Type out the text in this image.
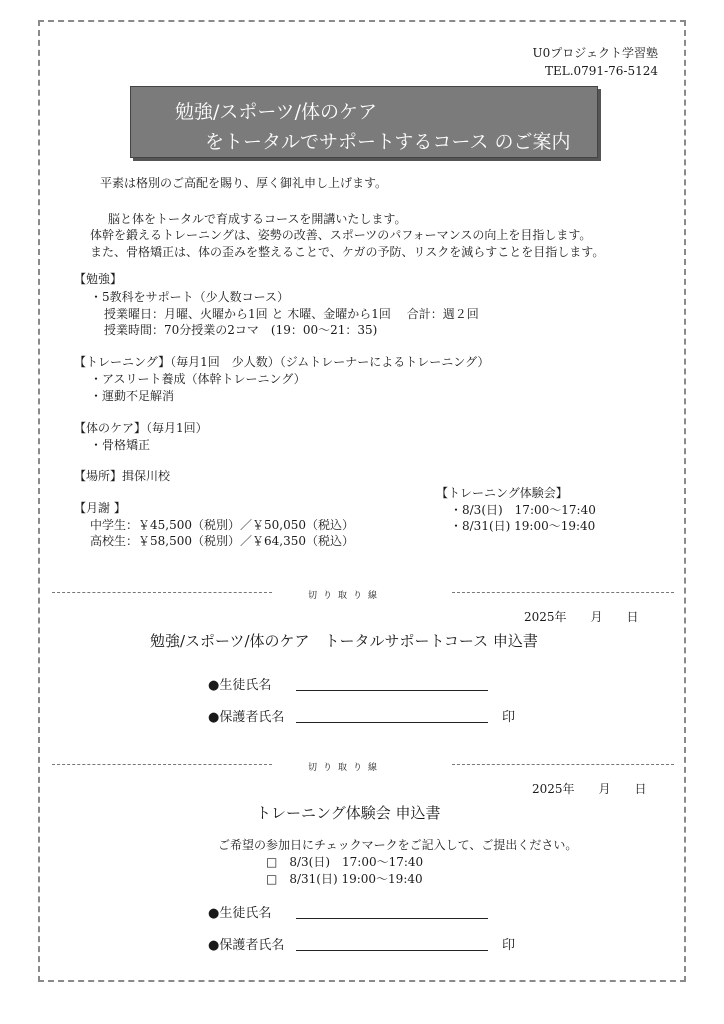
U0プロジェクト学習塾
TEL.0791-76-5124
勉強/スポーツ/体のケア
をトータルでサポートするコース のご案内
平素は格別のご高配を賜り、厚く御礼申し上げます。
脳と体をトータルで育成するコースを開講いたします。
体幹を鍛えるトレーニングは、姿勢の改善、スポーツのパフォーマンスの向上を目指します。
また、骨格矯正は、体の歪みを整えることで、ケガの予防、リスクを減らすことを目指します。
【勉強】
・5教科をサポート（少人数コース）
授業曜日：月曜、火曜から1回 と 木曜、金曜から1回　 合計：週２回
授業時間：70分授業の2コマ　(19：00～21：35)
【トレーニング】（毎月1回　少人数）（ジムトレーナーによるトレーニング）
・アスリート養成（体幹トレーニング）
・運動不足解消
【体のケア】（毎月1回）
・骨格矯正
【場所】揖保川校
【月謝 】
中学生：￥45,500（税別）／￥50,050（税込）
高校生：￥58,500（税別）／￥64,350（税込）
【トレーニング体験会】
・8/3(日)　17:00～17:40
・8/31(日) 19:00～19:40
切り取り線
2025年　　月　　日
勉強/スポーツ/体のケア　トータルサポートコース 申込書
●生徒氏名
●保護者氏名	印
切り取り線
2025年　　月　　日
トレーニング体験会 申込書
ご希望の参加日にチェックマークをご記入して、ご提出ください。
□　8/3(日)　17:00～17:40
□　8/31(日) 19:00～19:40
●生徒氏名
●保護者氏名	印
